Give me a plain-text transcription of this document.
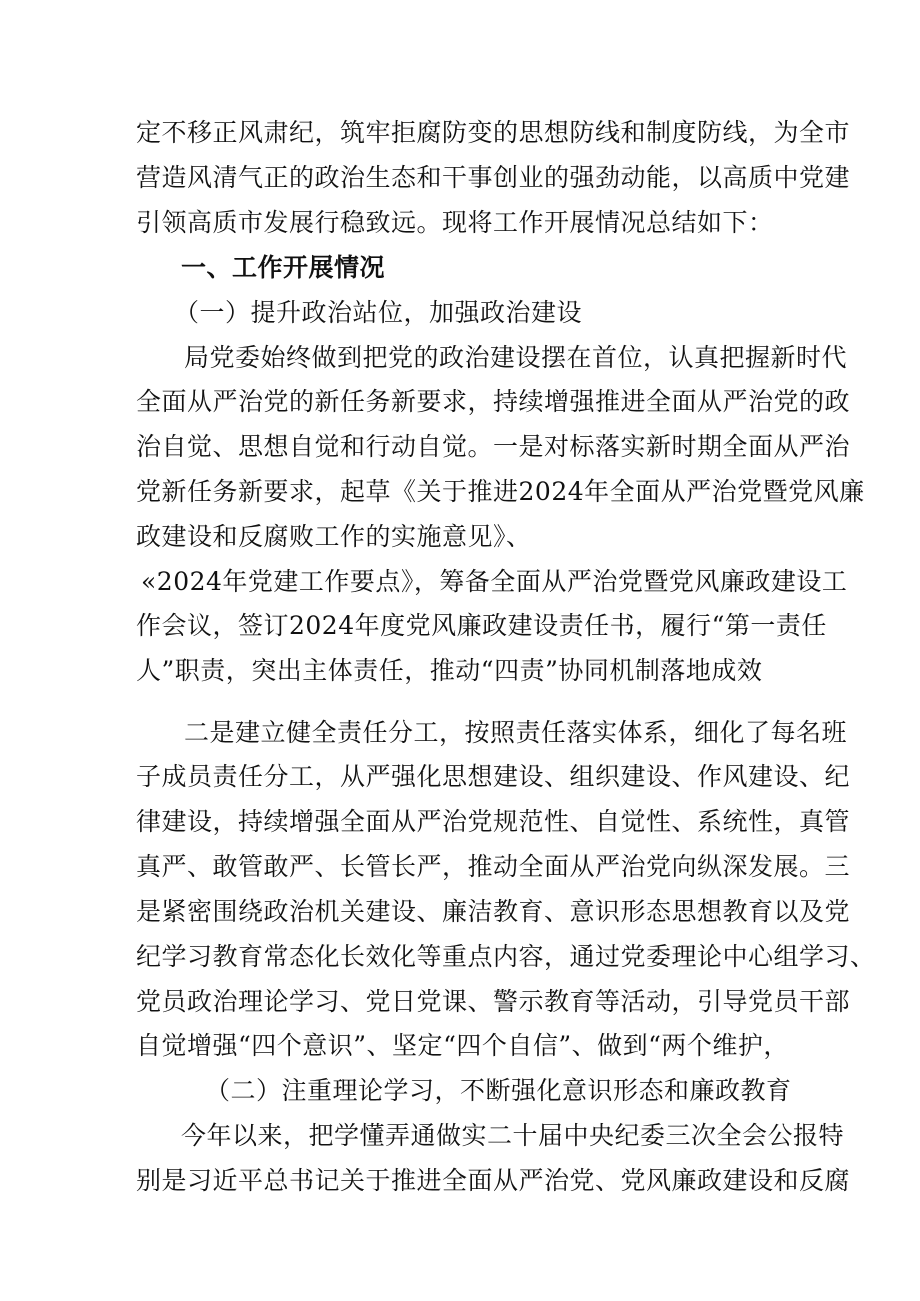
定不移正风肃纪，筑牢拒腐防变的思想防线和制度防线，为全市
营造风清气正的政治生态和干事创业的强劲动能，以高质中党建
引领高质市发展行稳致远。现将工作开展情况总结如下：
一、工作开展情况
（一）提升政治站位，加强政治建设
局党委始终做到把党的政治建设摆在首位，认真把握新时代
全面从严治党的新任务新要求，持续增强推进全面从严治党的政
治自觉、思想自觉和行动自觉。一是对标落实新时期全面从严治
党新任务新要求，起草《关于推进2024年全面从严治党暨党风廉
政建设和反腐败工作的实施意见》、
«2024年党建工作要点》，筹备全面从严治党暨党风廉政建设工
作会议，签订2024年度党风廉政建设责任书，履行“第一责任
人”职责，突出主体责任，推动“四责”协同机制落地成效
二是建立健全责任分工，按照责任落实体系，细化了每名班
子成员责任分工，从严强化思想建设、组织建设、作风建设、纪
律建设，持续增强全面从严治党规范性、自觉性、系统性，真管
真严、敢管敢严、长管长严，推动全面从严治党向纵深发展。三
是紧密围绕政治机关建设、廉洁教育、意识形态思想教育以及党
纪学习教育常态化长效化等重点内容，通过党委理论中心组学习、
党员政治理论学习、党日党课、警示教育等活动，引导党员干部
自觉增强“四个意识”、坚定“四个自信”、做到“两个维护，
（二）注重理论学习，不断强化意识形态和廉政教育
今年以来，把学懂弄通做实二十届中央纪委三次全会公报特
别是习近平总书记关于推进全面从严治党、党风廉政建设和反腐
